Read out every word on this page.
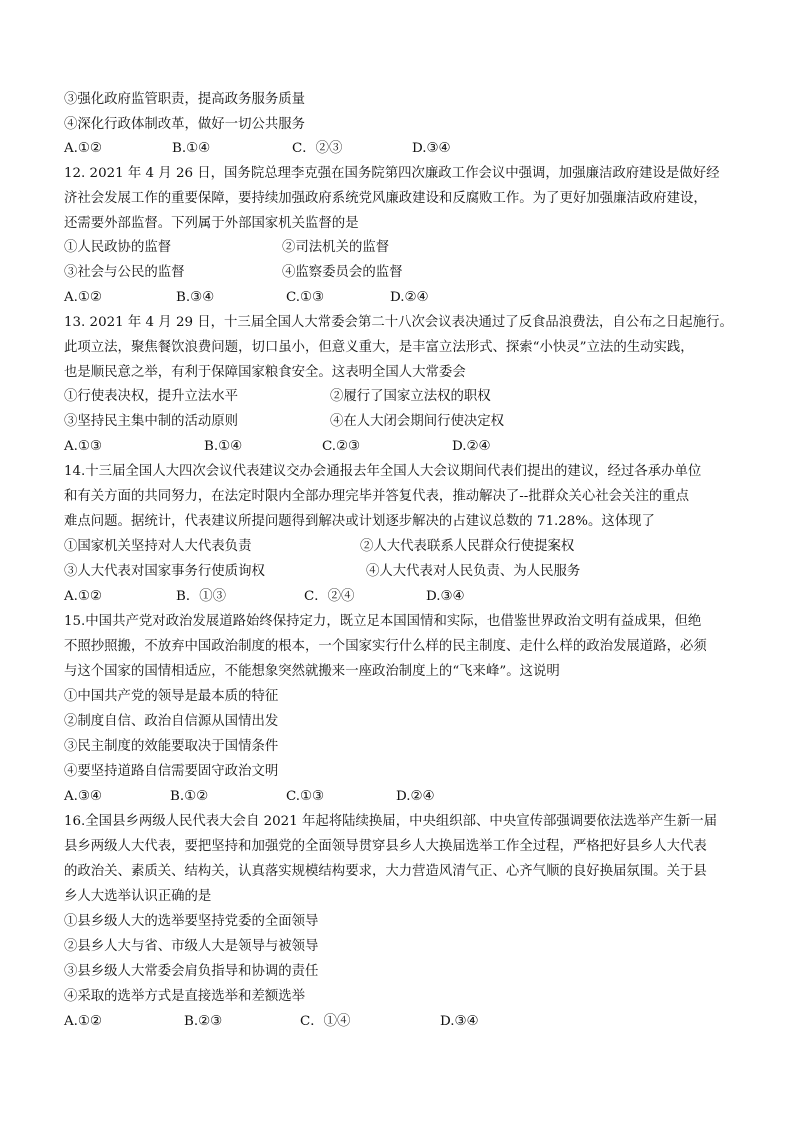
③强化政府监管职责，提高政务服务质量
④深化行政体制改革，做好一切公共服务
A.①②	B.①④	C．②③	D.③④
12. 2021 年 4 月 26 日，国务院总理李克强在国务院第四次廉政工作会议中强调，加强廉洁政府建设是做好经
济社会发展工作的重要保障，要持续加强政府系统党风廉政建设和反腐败工作。为了更好加强廉洁政府建设，
还需要外部监督。下列属于外部国家机关监督的是
①人民政协的监督	②司法机关的监督
③社会与公民的监督	④监察委员会的监督
A.①②	B.③④	C.①③	D.②④
13. 2021 年 4 月 29 日，十三届全国人大常委会第二十八次会议表决通过了反食品浪费法，自公布之日起施行。
此项立法，聚焦餐饮浪费问题，切口虽小，但意义重大，是丰富立法形式、探索“小快灵”立法的生动实践，
也是顺民意之举，有利于保障国家粮食安全。这表明全国人大常委会
①行使表决权，提升立法水平	②履行了国家立法权的职权
③坚持民主集中制的活动原则	④在人大闭会期间行使决定权
A.①③	B.①④	C.②③	D.②④
14.十三届全国人大四次会议代表建议交办会通报去年全国人大会议期间代表们提出的建议，经过各承办单位
和有关方面的共同努力，在法定时限内全部办理完毕并答复代表，推动解决了--批群众关心社会关注的重点
难点问题。据统计，代表建议所提问题得到解决或计划逐步解决的占建议总数的 71.28%。这体现了
①国家机关坚持对人大代表负责	②人大代表联系人民群众行使提案权
③人大代表对国家事务行使质询权	④人大代表对人民负责、为人民服务
A.①②	B．①③	C．②④	D.③④
15.中国共产党对政治发展道路始终保持定力，既立足本国国情和实际，也借鉴世界政治文明有益成果，但绝
不照抄照搬，不放弃中国政治制度的根本，一个国家实行什么样的民主制度、走什么样的政治发展道路，必须
与这个国家的国情相适应，不能想象突然就搬来一座政治制度上的“飞来峰”。这说明
①中国共产党的领导是最本质的特征
②制度自信、政治自信源从国情出发
③民主制度的效能要取决于国情条件
④要坚持道路自信需要固守政治文明
A.③④	B.①②	C.①③	D.②④
16.全国县乡两级人民代表大会自 2021 年起将陆续换届，中央组织部、中央宣传部强调要依法选举产生新一届
县乡两级人大代表，要把坚持和加强党的全面领导贯穿县乡人大换届选举工作全过程，严格把好县乡人大代表
的政治关、素质关、结构关，认真落实规模结构要求，大力营造风清气正、心齐气顺的良好换届氛围。关于县
乡人大选举认识正确的是
①县乡级人大的选举要坚持党委的全面领导
②县乡人大与省、市级人大是领导与被领导
③县乡级人大常委会肩负指导和协调的责任
④采取的选举方式是直接选举和差额选举
A.①②	B.②③	C．①④	D.③④
